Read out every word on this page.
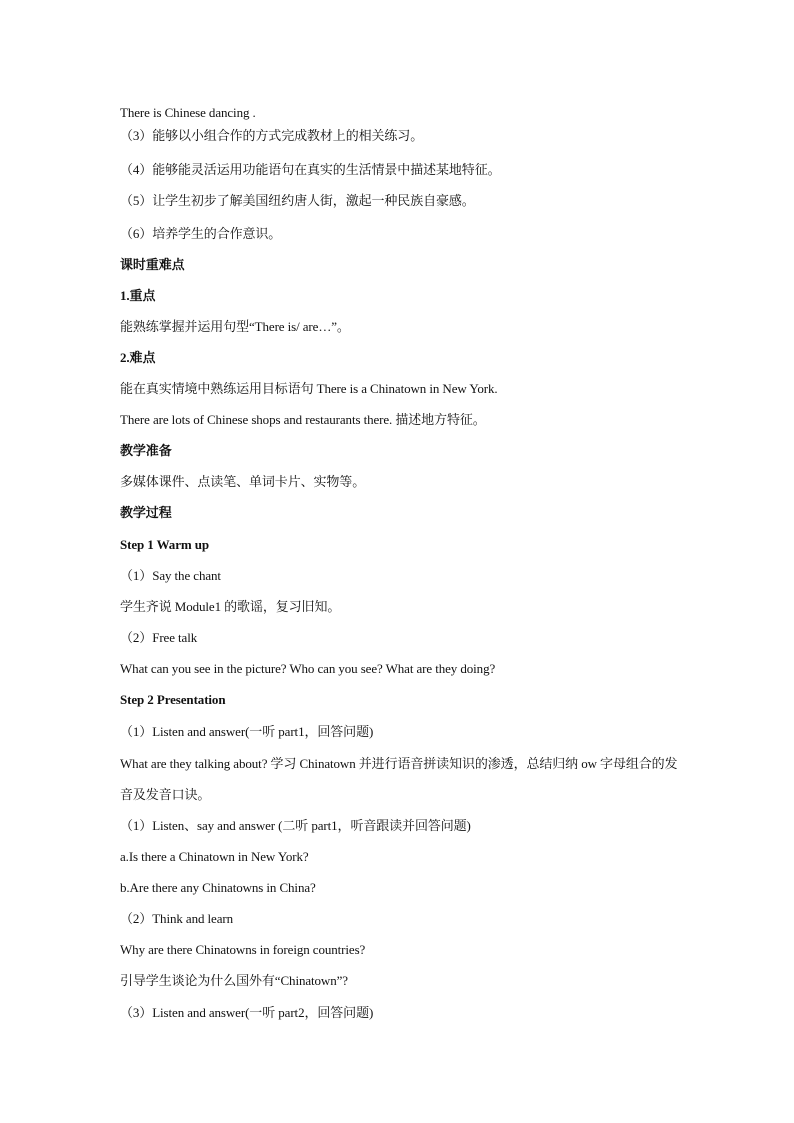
There is Chinese dancing .
（3）能够以小组合作的方式完成教材上的相关练习。
（4）能够能灵活运用功能语句在真实的生活情景中描述某地特征。
（5）让学生初步了解美国纽约唐人街，激起一种民族自豪感。
（6）培养学生的合作意识。
课时重难点
1.重点
能熟练掌握并运用句型“There is/ are…”。
2.难点
能在真实情境中熟练运用目标语句 There is a Chinatown in New York.
There are lots of Chinese shops and restaurants there. 描述地方特征。
教学准备
多媒体课件、点读笔、单词卡片、实物等。
教学过程
Step 1 Warm up
（1）Say the chant
学生齐说 Module1 的歌谣，复习旧知。
（2）Free talk
What can you see in the picture? Who can you see? What are they doing?
Step 2 Presentation
（1）Listen and answer(一听 part1，回答问题)
What are they talking about? 学习 Chinatown 并进行语音拼读知识的渗透，总结归纳 ow 字母组合的发音及发音口诀。
（1）Listen、say and answer (二听 part1，听音跟读并回答问题)
a.Is there a Chinatown in New York?
b.Are there any Chinatowns in China?
（2）Think and learn
Why are there Chinatowns in foreign countries?
引导学生谈论为什么国外有“Chinatown”?
（3）Listen and answer(一听 part2，回答问题)
